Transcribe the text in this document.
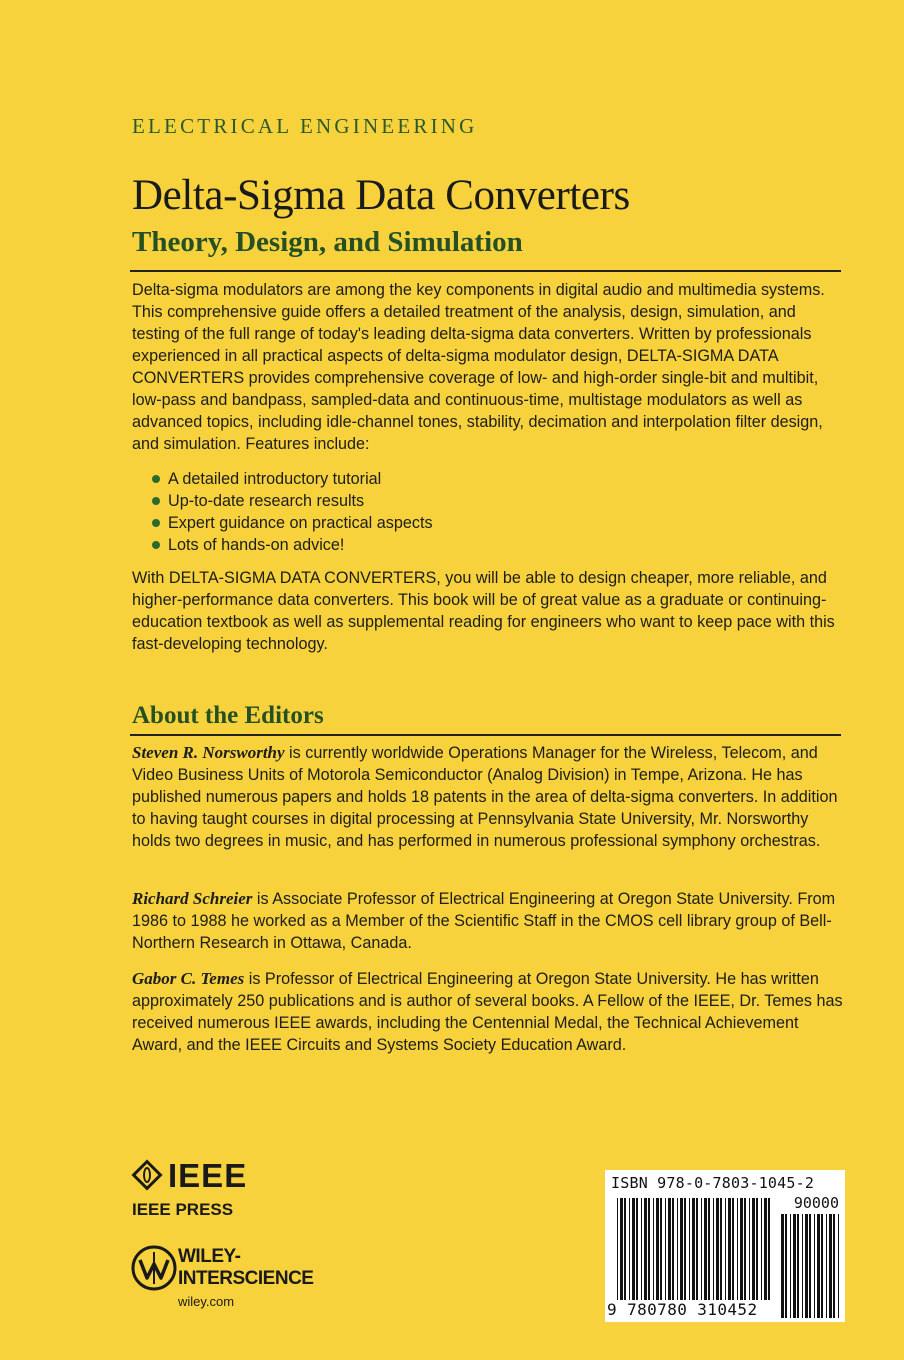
ELECTRICAL ENGINEERING
Delta-Sigma Data Converters
Theory, Design, and Simulation

Delta-sigma modulators are among the key components in digital audio and multimedia systems. This comprehensive guide offers a detailed treatment of the analysis, design, simulation, and testing of the full range of today's leading delta-sigma data converters. Written by professionals experienced in all practical aspects of delta-sigma modulator design, DELTA-SIGMA DATA CONVERTERS provides comprehensive coverage of low- and high-order single-bit and multibit, low-pass and bandpass, sampled-data and continuous-time, multistage modulators as well as advanced topics, including idle-channel tones, stability, decimation and interpolation filter design, and simulation. Features include:

A detailed introductory tutorial
Up-to-date research results
Expert guidance on practical aspects
Lots of hands-on advice!

With DELTA-SIGMA DATA CONVERTERS, you will be able to design cheaper, more reliable, and higher-performance data converters. This book will be of great value as a graduate or continuing-education textbook as well as supplemental reading for engineers who want to keep pace with this fast-developing technology.

About the Editors

Steven R. Norsworthy is currently worldwide Operations Manager for the Wireless, Telecom, and Video Business Units of Motorola Semiconductor (Analog Division) in Tempe, Arizona. He has published numerous papers and holds 18 patents in the area of delta-sigma converters. In addition to having taught courses in digital processing at Pennsylvania State University, Mr. Norsworthy holds two degrees in music, and has performed in numerous professional symphony orchestras.

Richard Schreier is Associate Professor of Electrical Engineering at Oregon State University. From 1986 to 1988 he worked as a Member of the Scientific Staff in the CMOS cell library group of Bell-Northern Research in Ottawa, Canada.

Gabor C. Temes is Professor of Electrical Engineering at Oregon State University. He has written approximately 250 publications and is author of several books. A Fellow of the IEEE, Dr. Temes has received numerous IEEE awards, including the Centennial Medal, the Technical Achievement Award, and the IEEE Circuits and Systems Society Education Award.

IEEE
IEEE PRESS
WILEY-
INTERSCIENCE
wiley.com
ISBN 978-0-7803-1045-2
90000
9 780780 310452
